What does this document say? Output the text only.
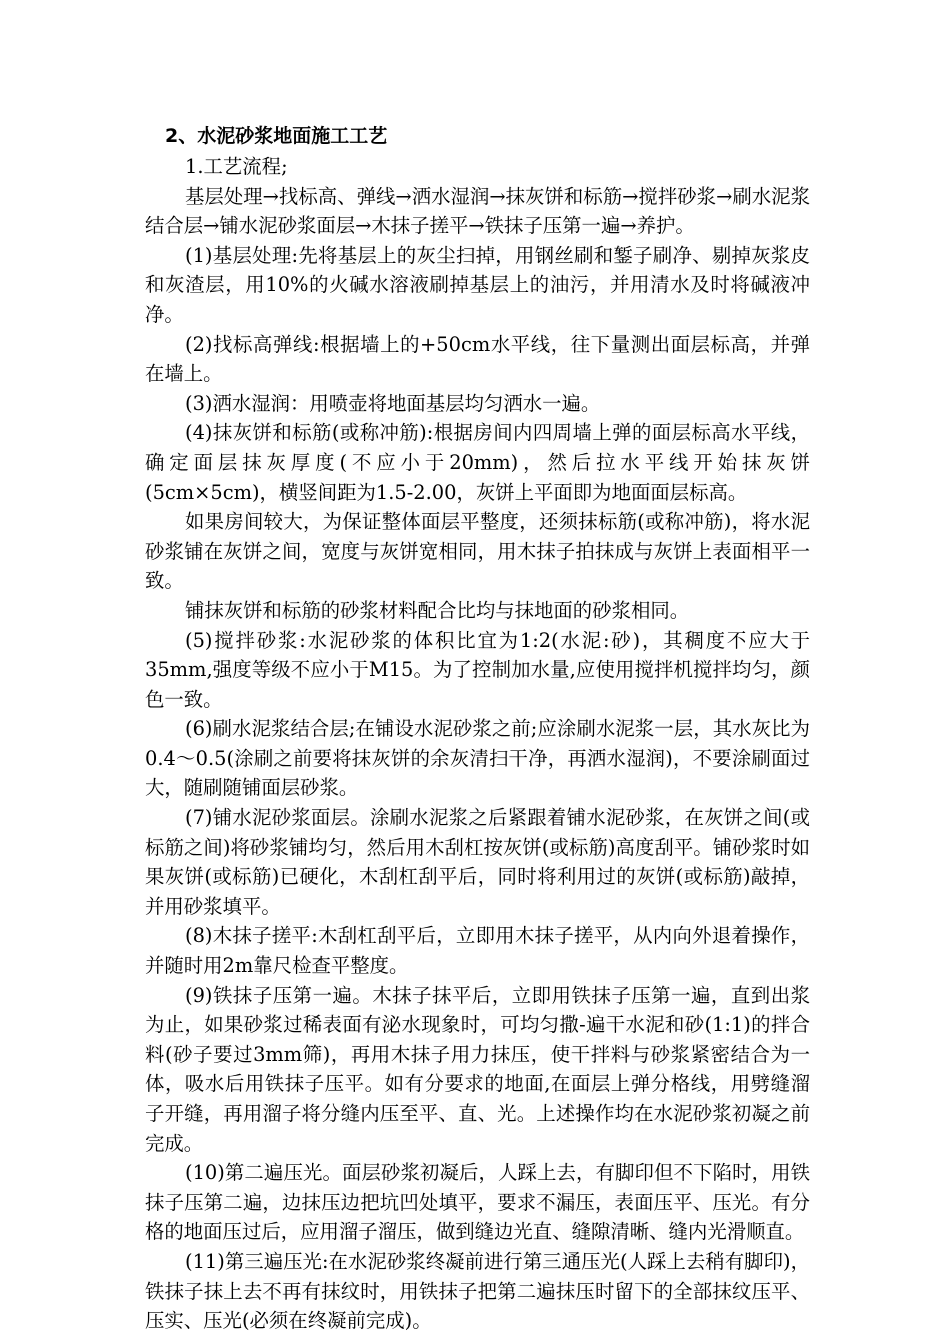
2、水泥砂浆地面施工工艺

1.工艺流程;

基层处理→找标高、弹线→洒水湿润→抹灰饼和标筋→搅拌砂浆→刷水泥浆结合层→铺水泥砂浆面层→木抹子搓平→铁抹子压第一遍→养护。

(1)基层处理:先将基层上的灰尘扫掉，用钢丝刷和錾子刷净、剔掉灰浆皮和灰渣层，用10%的火碱水溶液刷掉基层上的油污，并用清水及时将碱液冲净。

(2)找标高弹线:根据墙上的+50cm水平线，往下量测出面层标高，并弹在墙上。

(3)洒水湿润：用喷壶将地面基层均匀洒水一遍。

(4)抹灰饼和标筋(或称冲筋):根据房间内四周墙上弹的面层标高水平线，确定面层抹灰厚度(不应小于20mm)，然后拉水平线开始抹灰饼(5cm×5cm)，横竖间距为1.5-2.00，灰饼上平面即为地面面层标高。

如果房间较大，为保证整体面层平整度，还须抹标筋(或称冲筋)，将水泥砂浆铺在灰饼之间，宽度与灰饼宽相同，用木抹子拍抹成与灰饼上表面相平一致。

铺抹灰饼和标筋的砂浆材料配合比均与抹地面的砂浆相同。

(5)搅拌砂浆:水泥砂浆的体积比宜为1:2(水泥:砂)，其稠度不应大于35mm,强度等级不应小于M15。为了控制加水量,应使用搅拌机搅拌均匀，颜色一致。

(6)刷水泥浆结合层;在铺设水泥砂浆之前;应涂刷水泥浆一层，其水灰比为0.4～0.5(涂刷之前要将抹灰饼的余灰清扫干净，再洒水湿润)，不要涂刷面过大，随刷随铺面层砂浆。

(7)铺水泥砂浆面层。涂刷水泥浆之后紧跟着铺水泥砂浆，在灰饼之间(或标筋之间)将砂浆铺均匀，然后用木刮杠按灰饼(或标筋)高度刮平。铺砂浆时如果灰饼(或标筋)已硬化，木刮杠刮平后，同时将利用过的灰饼(或标筋)敲掉，并用砂浆填平。

(8)木抹子搓平:木刮杠刮平后，立即用木抹子搓平，从内向外退着操作，并随时用2m靠尺检查平整度。

(9)铁抹子压第一遍。木抹子抹平后，立即用铁抹子压第一遍，直到出浆为止，如果砂浆过稀表面有泌水现象时，可均匀撒-遍干水泥和砂(1:1)的拌合料(砂子要过3mm筛)，再用木抹子用力抹压，使干拌料与砂浆紧密结合为一体，吸水后用铁抹子压平。如有分要求的地面,在面层上弹分格线，用劈缝溜子开缝，再用溜子将分缝内压至平、直、光。上述操作均在水泥砂浆初凝之前完成。

(10)第二遍压光。面层砂浆初凝后，人踩上去，有脚印但不下陷时，用铁抹子压第二遍，边抹压边把坑凹处填平，要求不漏压，表面压平、压光。有分格的地面压过后，应用溜子溜压，做到缝边光直、缝隙清晰、缝内光滑顺直。

(11)第三遍压光:在水泥砂浆终凝前进行第三通压光(人踩上去稍有脚印)，铁抹子抹上去不再有抹纹时，用铁抹子把第二遍抹压时留下的全部抹纹压平、压实、压光(必须在终凝前完成)。
